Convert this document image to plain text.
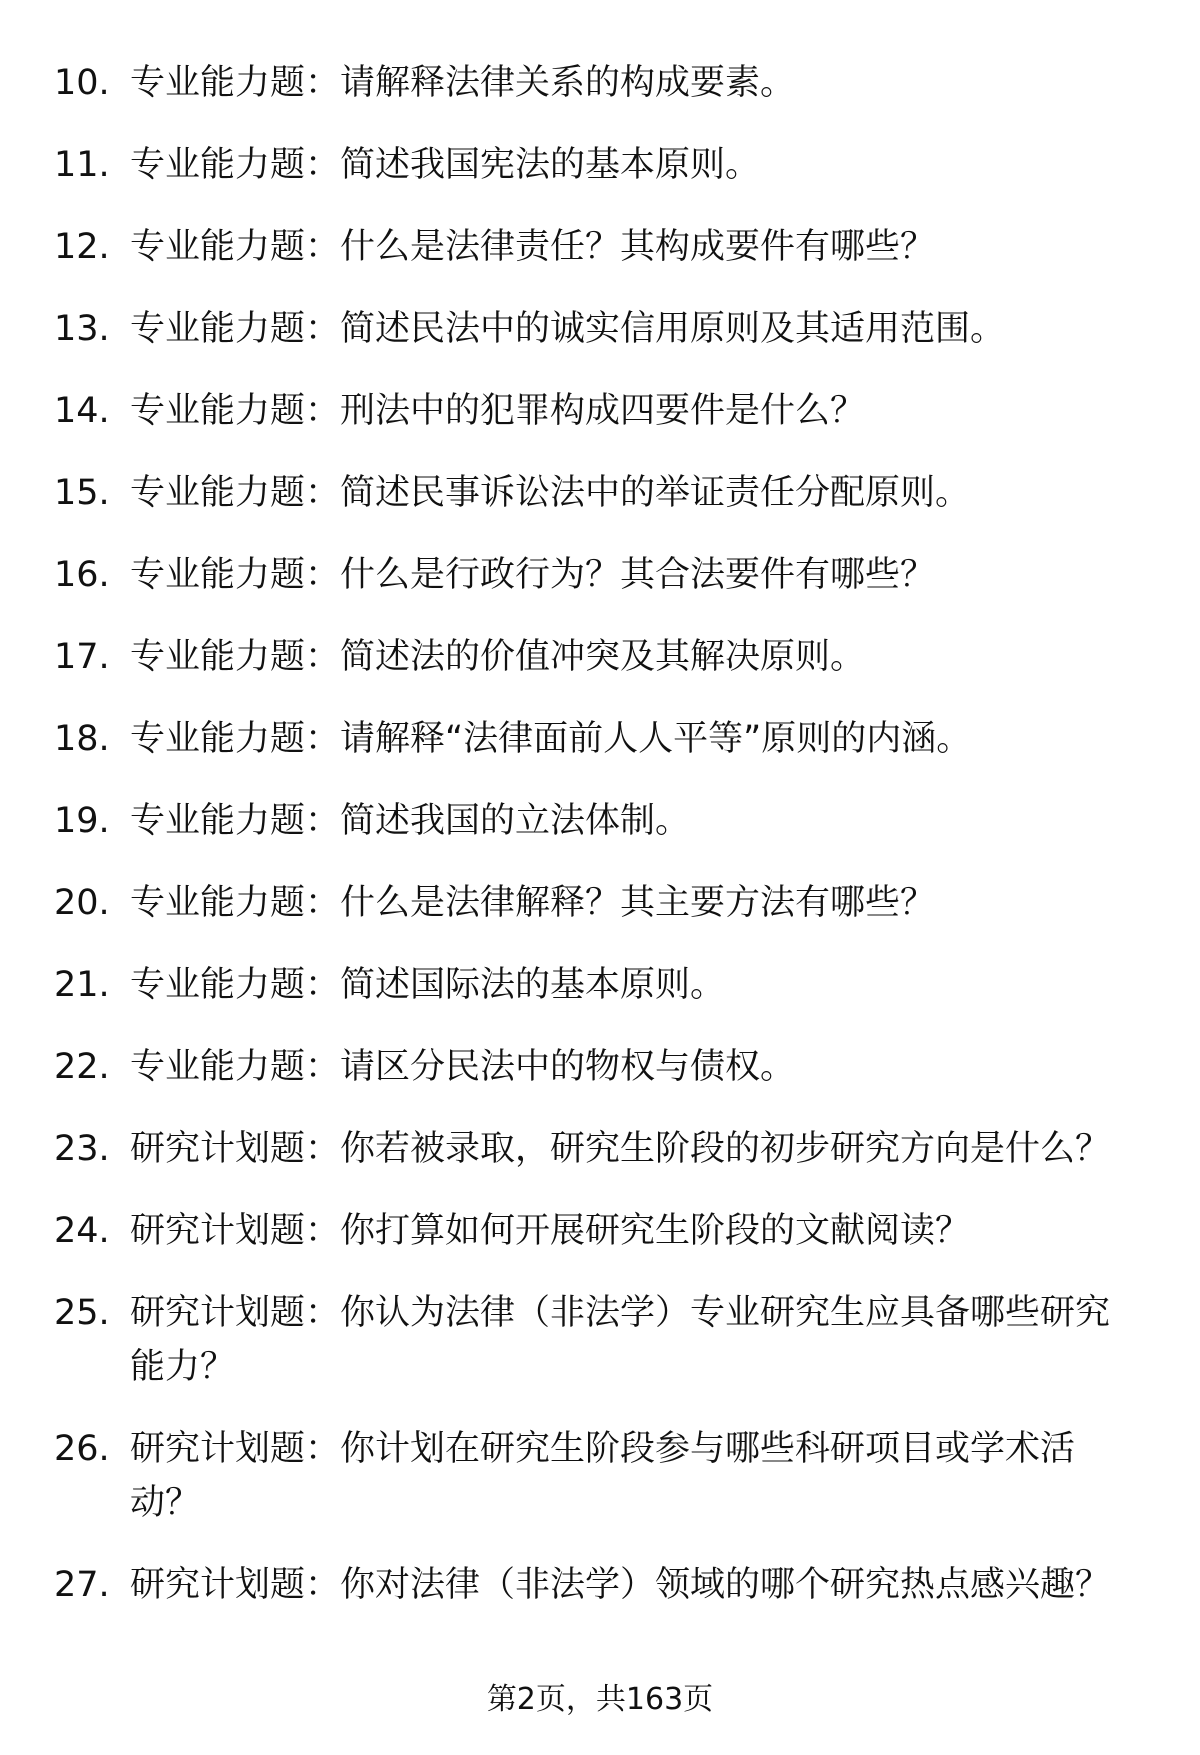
10. 专业能力题：请解释法律关系的构成要素。
11. 专业能力题：简述我国宪法的基本原则。
12. 专业能力题：什么是法律责任？其构成要件有哪些？
13. 专业能力题：简述民法中的诚实信用原则及其适用范围。
14. 专业能力题：刑法中的犯罪构成四要件是什么？
15. 专业能力题：简述民事诉讼法中的举证责任分配原则。
16. 专业能力题：什么是行政行为？其合法要件有哪些？
17. 专业能力题：简述法的价值冲突及其解决原则。
18. 专业能力题：请解释“法律面前人人平等”原则的内涵。
19. 专业能力题：简述我国的立法体制。
20. 专业能力题：什么是法律解释？其主要方法有哪些？
21. 专业能力题：简述国际法的基本原则。
22. 专业能力题：请区分民法中的物权与债权。
23. 研究计划题：你若被录取，研究生阶段的初步研究方向是什么？
24. 研究计划题：你打算如何开展研究生阶段的文献阅读？
25. 研究计划题：你认为法律（非法学）专业研究生应具备哪些研究能力？
26. 研究计划题：你计划在研究生阶段参与哪些科研项目或学术活动？
27. 研究计划题：你对法律（非法学）领域的哪个研究热点感兴趣？
第2页，共163页
